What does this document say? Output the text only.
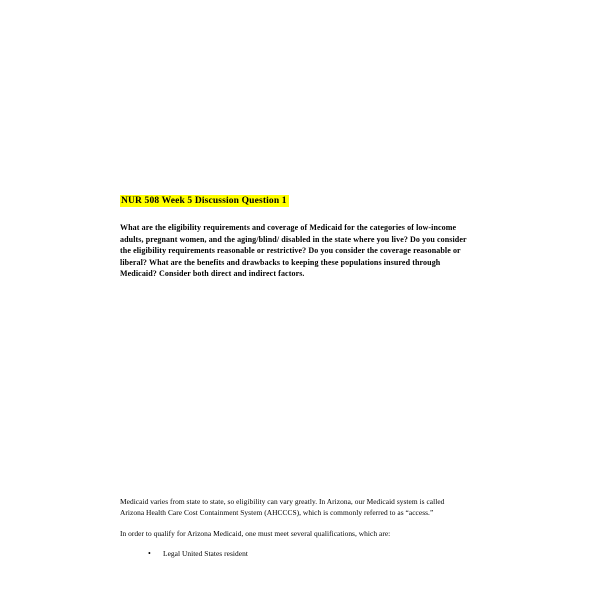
NUR 508 Week 5 Discussion Question 1

What are the eligibility requirements and coverage of Medicaid for the categories of low-income adults, pregnant women, and the aging/blind/ disabled in the state where you live? Do you consider the eligibility requirements reasonable or restrictive? Do you consider the coverage reasonable or liberal? What are the benefits and drawbacks to keeping these populations insured through Medicaid? Consider both direct and indirect factors.

Medicaid varies from state to state, so eligibility can vary greatly. In Arizona, our Medicaid system is called Arizona Health Care Cost Containment System (AHCCCS), which is commonly referred to as “access.”

In order to qualify for Arizona Medicaid, one must meet several qualifications, which are:

• Legal United States resident
